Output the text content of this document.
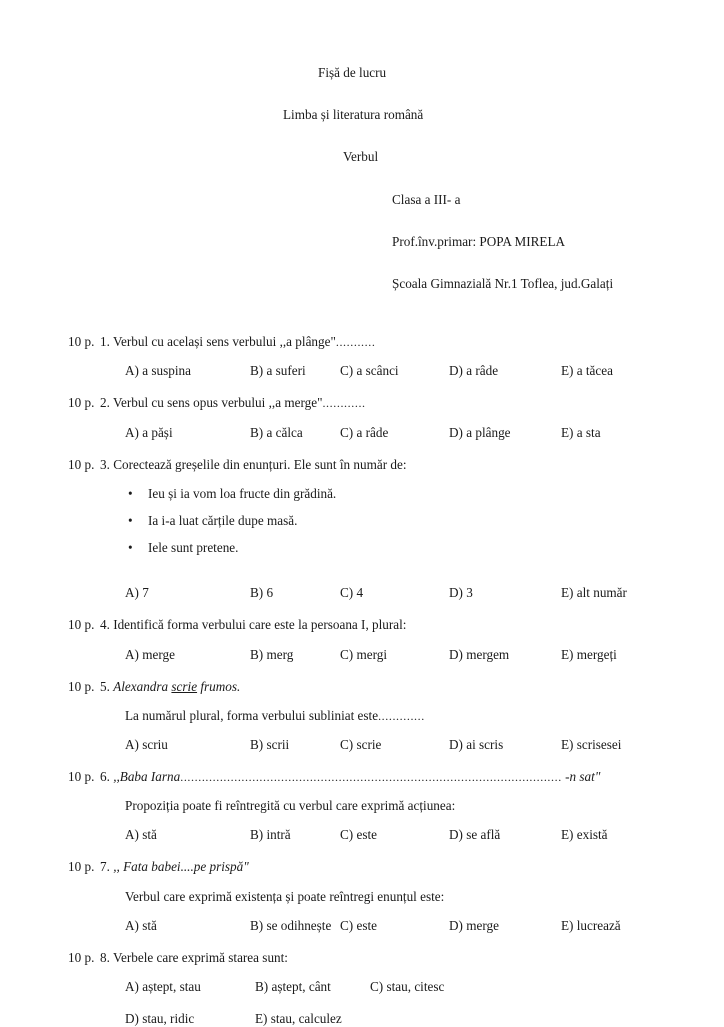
Fișă de lucru
Limba și literatura română
Verbul
Clasa a III- a
Prof.înv.primar: POPA MIRELA
Școala Gimnazială Nr.1 Toflea, jud.Galați
10 p. 1. Verbul cu același sens verbului ,,a plânge"...........
A) a suspina	B) a suferi	C) a scânci	D) a râde	E) a tăcea
10 p. 2. Verbul cu sens opus verbului ,,a merge"............
A) a păși	B) a călca	C) a râde	D) a plânge	E) a sta
10 p. 3. Corectează greșelile din enunțuri. Ele sunt în număr de:
• Ieu și ia vom loa fructe din grădină.
• Ia i-a luat cărțile dupe masă.
• Iele sunt pretene.
A) 7	B) 6	C) 4	D) 3	E) alt număr
10 p. 4. Identifică forma verbului care este la persoana I, plural:
A) merge	B) merg	C) mergi	D) mergem	E) mergeți
10 p. 5. Alexandra scrie frumos.
La numărul plural, forma verbului subliniat este.............
A) scriu	B) scrii	C) scrie	D) ai scris	E) scrisesei
10 p. 6. ,,Baba Iarna.......................................................................................................... -n sat"
Propoziția poate fi reîntregită cu verbul care exprimă acțiunea:
A) stă	B) intră	C) este	D) se află	E) există
10 p. 7. ,, Fata babei....pe prispă"
Verbul care exprimă existența și poate reîntregi enunțul este:
A) stă	B) se odihnește C) este	D) merge	E) lucrează
10 p. 8. Verbele care exprimă starea sunt:
A) aștept, stau	B) aștept, cânt	C) stau, citesc
D) stau, ridic	E) stau, calculez
